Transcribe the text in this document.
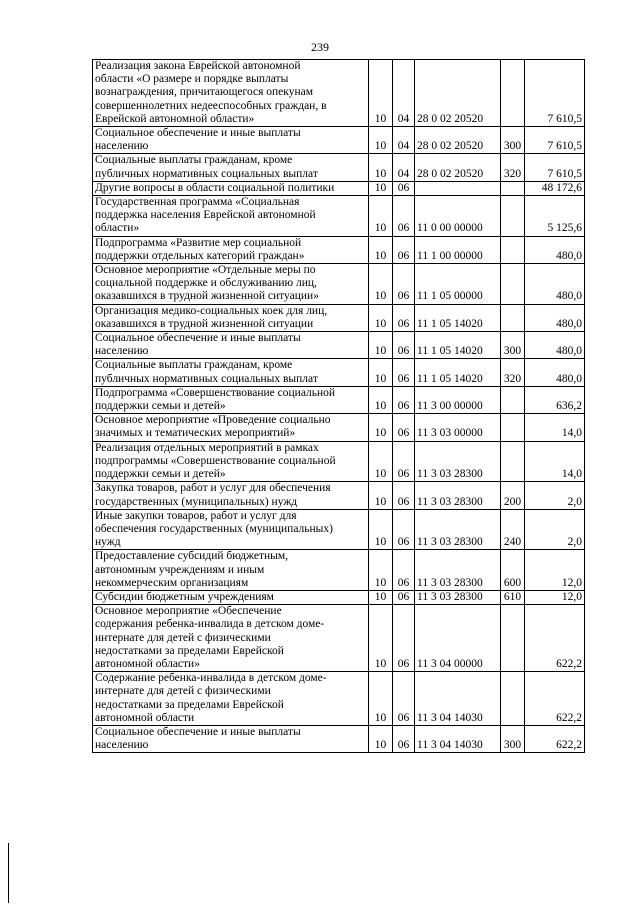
239
Реализация закона Еврейской автономной
области «О размере и порядке выплаты
вознаграждения, причитающегося опекунам
совершеннолетних недееспособных граждан, в
Еврейской автономной области»	10	04	28 0 02 20520		7 610,5
Социальное обеспечение и иные выплаты
населению	10	04	28 0 02 20520	300	7 610,5
Социальные выплаты гражданам, кроме
публичных нормативных социальных выплат	10	04	28 0 02 20520	320	7 610,5
Другие вопросы в области социальной политики	10	06			48 172,6
Государственная программа «Социальная
поддержка населения Еврейской автономной
области»	10	06	11 0 00 00000		5 125,6
Подпрограмма «Развитие мер социальной
поддержки отдельных категорий граждан»	10	06	11 1 00 00000		480,0
Основное мероприятие «Отдельные меры по
социальной поддержке и обслуживанию лиц,
оказавшихся в трудной жизненной ситуации»	10	06	11 1 05 00000		480,0
Организация медико-социальных коек для лиц,
оказавшихся в трудной жизненной ситуации	10	06	11 1 05 14020		480,0
Социальное обеспечение и иные выплаты
населению	10	06	11 1 05 14020	300	480,0
Социальные выплаты гражданам, кроме
публичных нормативных социальных выплат	10	06	11 1 05 14020	320	480,0
Подпрограмма «Совершенствование социальной
поддержки семьи и детей»	10	06	11 3 00 00000		636,2
Основное мероприятие «Проведение социально
значимых и тематических мероприятий»	10	06	11 3 03 00000		14,0
Реализация отдельных мероприятий в рамках
подпрограммы «Совершенствование социальной
поддержки семьи и детей»	10	06	11 3 03 28300		14,0
Закупка товаров, работ и услуг для обеспечения
государственных (муниципальных) нужд	10	06	11 3 03 28300	200	2,0
Иные закупки товаров, работ и услуг для
обеспечения государственных (муниципальных)
нужд	10	06	11 3 03 28300	240	2,0
Предоставление субсидий бюджетным,
автономным учреждениям и иным
некоммерческим организациям	10	06	11 3 03 28300	600	12,0
Субсидии бюджетным учреждениям	10	06	11 3 03 28300	610	12,0
Основное мероприятие «Обеспечение
содержания ребенка-инвалида в детском доме-
интернате для детей с физическими
недостатками за пределами Еврейской
автономной области»	10	06	11 3 04 00000		622,2
Содержание ребенка-инвалида в детском доме-
интернате для детей с физическими
недостатками за пределами Еврейской
автономной области	10	06	11 3 04 14030		622,2
Социальное обеспечение и иные выплаты
населению	10	06	11 3 04 14030	300	622,2
